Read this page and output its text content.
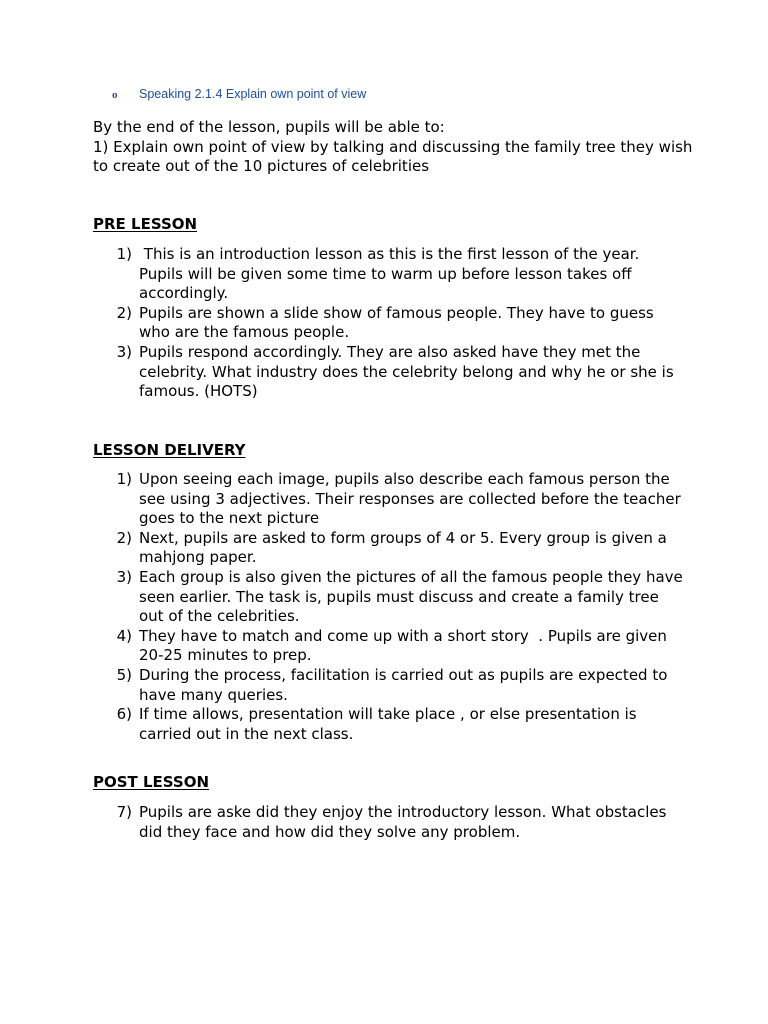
o	Speaking 2.1.4 Explain own point of view

By the end of the lesson, pupils will be able to:

1) Explain own point of view by talking and discussing the family tree they wish to create out of the 10 pictures of celebrities

PRE LESSON
1) This is an introduction lesson as this is the first lesson of the year. Pupils will be given some time to warm up before lesson takes off accordingly.
2) Pupils are shown a slide show of famous people. They have to guess who are the famous people.
3) Pupils respond accordingly. They are also asked have they met the celebrity. What industry does the celebrity belong and why he or she is famous. (HOTS)
LESSON DELIVERY
1) Upon seeing each image, pupils also describe each famous person the see using 3 adjectives. Their responses are collected before the teacher goes to the next picture
2) Next, pupils are asked to form groups of 4 or 5. Every group is given a mahjong paper.
3) Each group is also given the pictures of all the famous people they have seen earlier. The task is, pupils must discuss and create a family tree out of the celebrities.
4) They have to match and come up with a short story  . Pupils are given 20-25 minutes to prep.
5) During the process, facilitation is carried out as pupils are expected to have many queries.
6) If time allows, presentation will take place , or else presentation is carried out in the next class.
POST LESSON
7) Pupils are aske did they enjoy the introductory lesson. What obstacles did they face and how did they solve any problem.
